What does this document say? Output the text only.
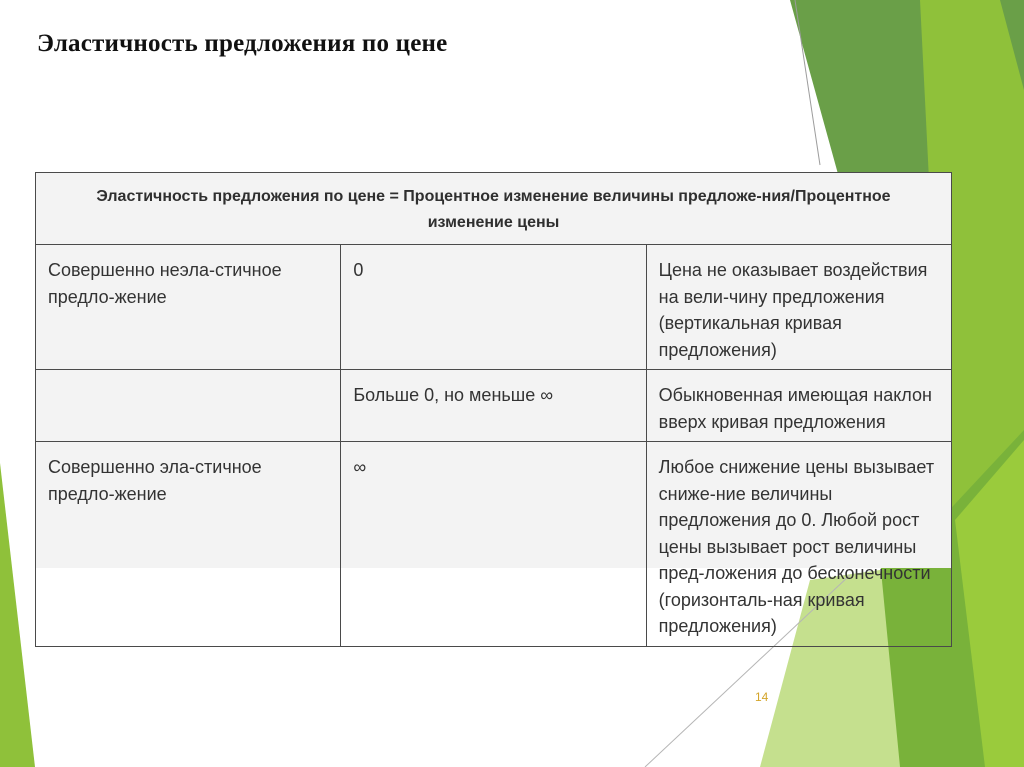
Эластичность предложения по цене
Эластичность предложения по цене = Процентное изменение величины предложе-ния/Процентное изменение цены		
Совершенно неэла-стичное предло-жение	0	Цена не оказывает воздействия на вели-чину предложения (вертикальная кривая предложения)
	Больше 0, но меньше ∞	Обыкновенная имеющая наклон вверх кривая предложения
Совершенно эла-стичное предло-жение	∞	Любое снижение цены вызывает сниже-ние величины предложения до 0. Любой рост цены вызывает рост величины пред-ложения до бесконечности (горизонталь-ная кривая предложения)
14
